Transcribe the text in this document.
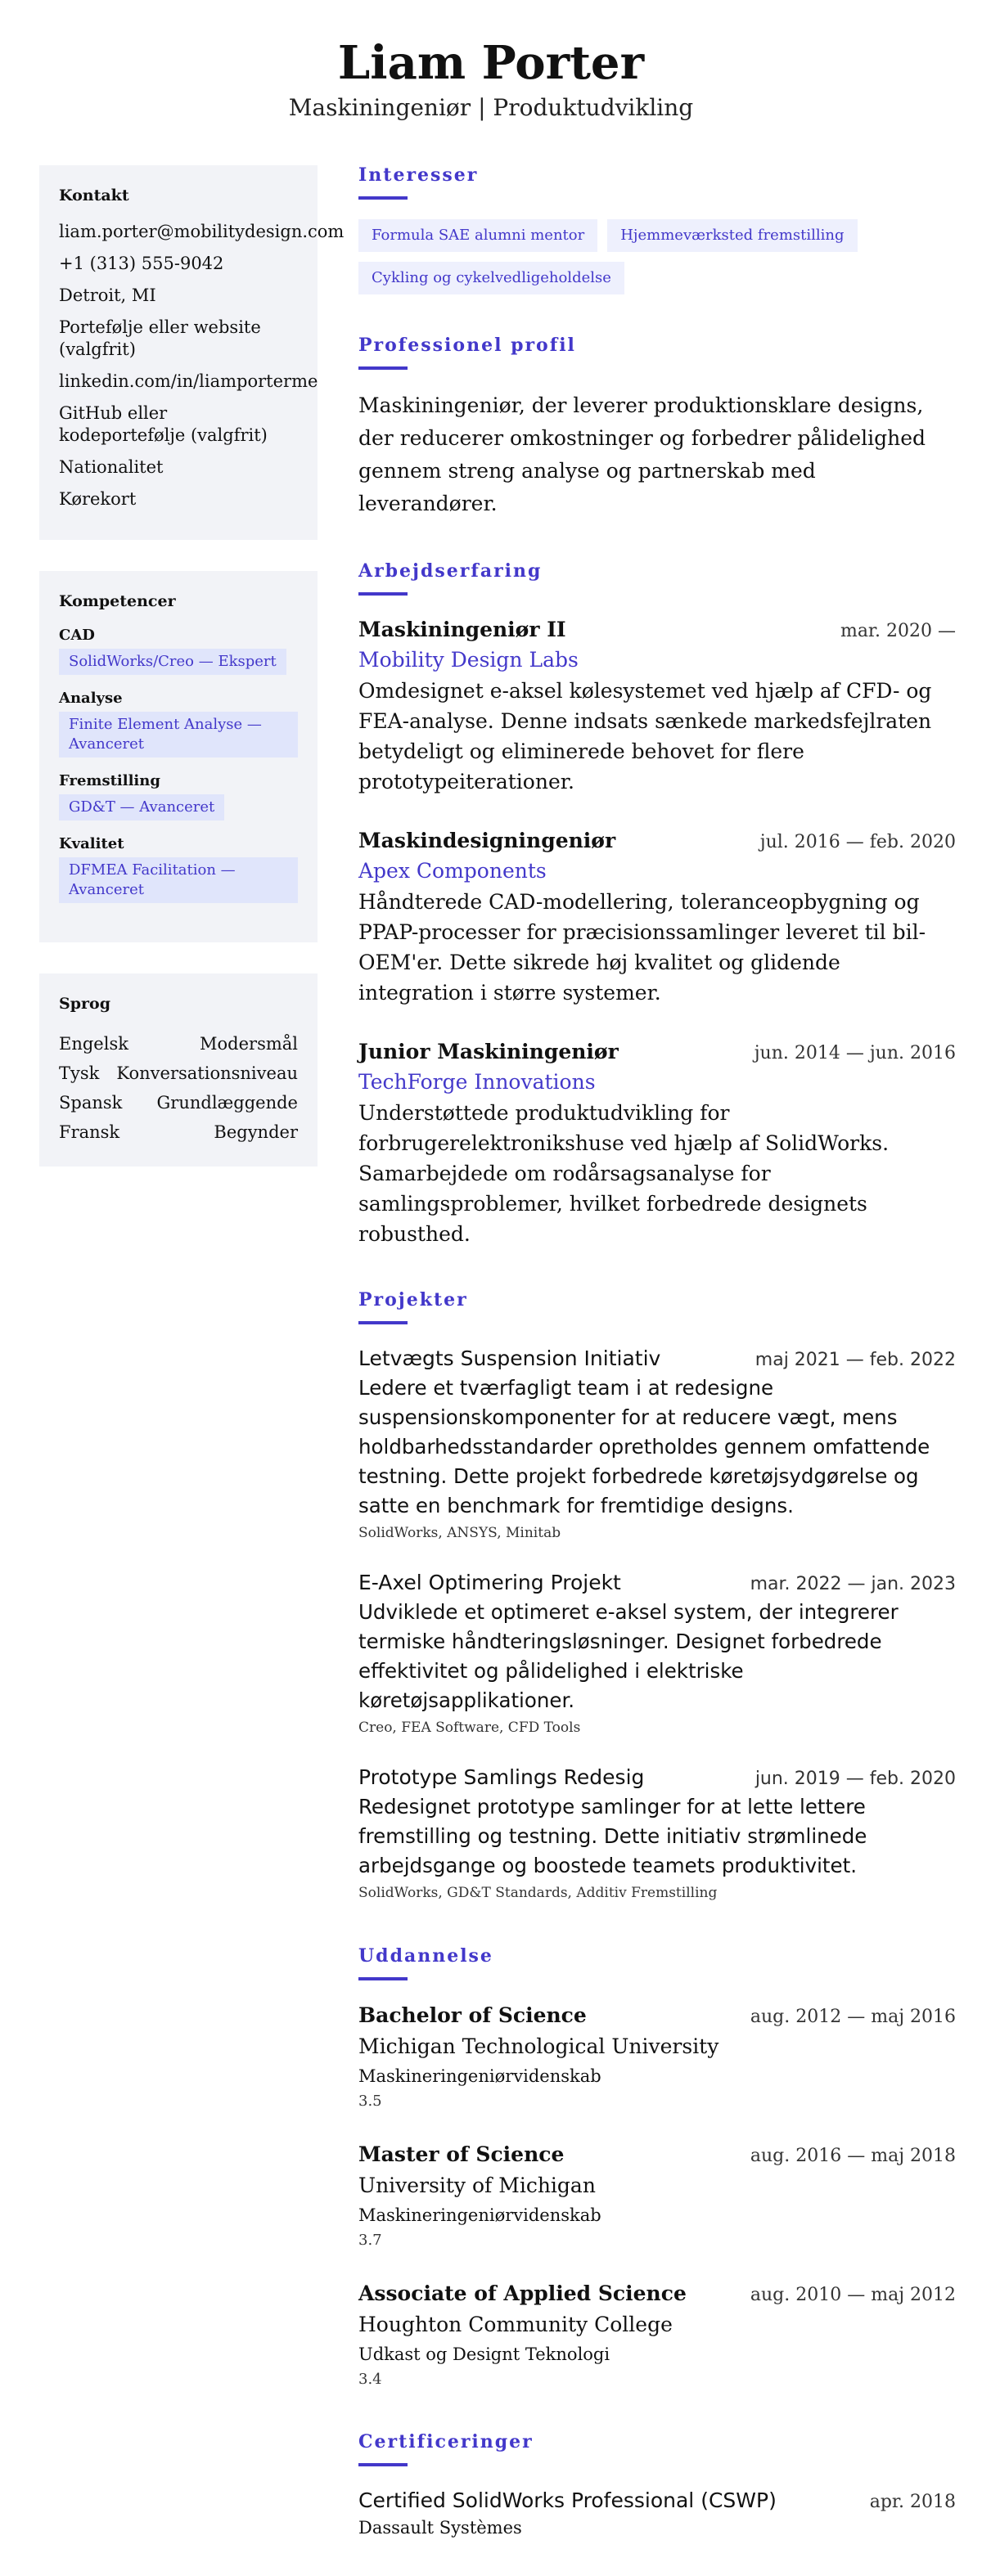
Liam Porter
Maskiningeniør | Produktudvikling
Kontakt
liam.porter@mobilitydesign.com
+1 (313) 555-9042
Detroit, MI
Portefølje eller website (valgfrit)
linkedin.com/in/liamporterme
GitHub eller kodeportefølje (valgfrit)
Nationalitet
Kørekort
Kompetencer
CAD
SolidWorks/Creo — Ekspert
Analyse
Finite Element Analyse — Avanceret
Fremstilling
GD&T — Avanceret
Kvalitet
DFMEA Facilitation — Avanceret
Sprog
Engelsk	Modersmål
Tysk Konversationsniveau
Spansk Grundlæggende
Fransk	Begynder
Interesser
Formula SAE alumni mentor	Hjemmeværksted fremstilling
Cykling og cykelvedligeholdelse
Professionel profil

Maskiningeniør, der leverer produktionsklare designs, der reducerer omkostninger og forbedrer pålidelighed gennem streng analyse og partnerskab med leverandører.

Arbejdserfaring
Maskiningeniør II	mar. 2020 —
Mobility Design Labs

Omdesignet e-aksel kølesystemet ved hjælp af CFD- og FEA-analyse. Denne indsats sænkede markedsfejlraten betydeligt og eliminerede behovet for flere prototypeiterationer.

Maskindesigningeniør	jul. 2016 — feb. 2020
Apex Components

Håndterede CAD-modellering, toleranceopbygning og PPAP-processer for præcisionssamlinger leveret til bil-OEM'er. Dette sikrede høj kvalitet og glidende integration i større systemer.

Junior Maskiningeniør	jun. 2014 — jun. 2016
TechForge Innovations

Understøttede produktudvikling for forbrugerelektronikshuse ved hjælp af SolidWorks. Samarbejdede om rodårsagsanalyse for samlingsproblemer, hvilket forbedrede designets robusthed.

Projekter
Letvægts Suspension Initiativ	maj 2021 — feb. 2022

Ledere et tværfagligt team i at redesigne suspensionskomponenter for at reducere vægt, mens holdbarhedsstandarder opretholdes gennem omfattende testning. Dette projekt forbedrede køretøjsydgørelse og satte en benchmark for fremtidige designs.

SolidWorks, ANSYS, Minitab
E-Axel Optimering Projekt	mar. 2022 — jan. 2023

Udviklede et optimeret e-aksel system, der integrerer termiske håndteringsløsninger. Designet forbedrede effektivitet og pålidelighed i elektriske køretøjsapplikationer.

Creo, FEA Software, CFD Tools
Prototype Samlings Redesig	jun. 2019 — feb. 2020

Redesignet prototype samlinger for at lette lettere fremstilling og testning. Dette initiativ strømlinede arbejdsgange og boostede teamets produktivitet.

SolidWorks, GD&T Standards, Additiv Fremstilling
Uddannelse
Bachelor of Science	aug. 2012 — maj 2016
Michigan Technological University
Maskineringeniørvidenskab
3.5
Master of Science	aug. 2016 — maj 2018
University of Michigan
Maskineringeniørvidenskab
3.7
Associate of Applied Science	aug. 2010 — maj 2012
Houghton Community College
Udkast og Designt Teknologi
3.4
Certificeringer
Certified SolidWorks Professional (CSWP)	apr. 2018
Dassault Systèmes
